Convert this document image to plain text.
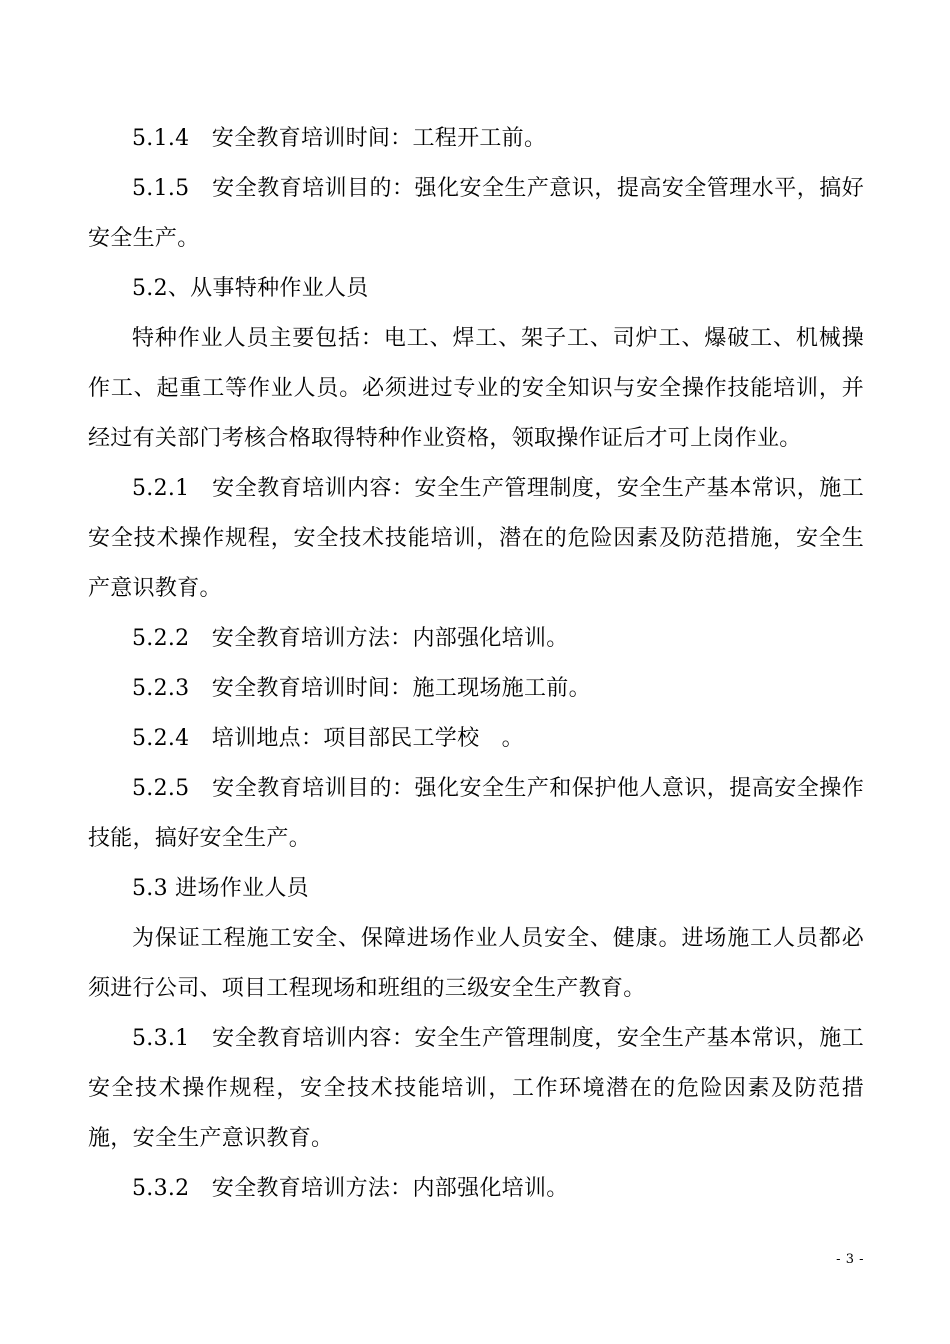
5.1.4　安全教育培训时间：工程开工前。

5.1.5　安全教育培训目的：强化安全生产意识，提高安全管理水平，搞好安全生产。

5.2、从事特种作业人员

特种作业人员主要包括：电工、焊工、架子工、司炉工、爆破工、机械操作工、起重工等作业人员。必须进过专业的安全知识与安全操作技能培训，并经过有关部门考核合格取得特种作业资格，领取操作证后才可上岗作业。

5.2.1　安全教育培训内容：安全生产管理制度，安全生产基本常识，施工安全技术操作规程，安全技术技能培训，潜在的危险因素及防范措施，安全生产意识教育。

5.2.2　安全教育培训方法：内部强化培训。

5.2.3　安全教育培训时间：施工现场施工前。

5.2.4　培训地点：项目部民工学校　。

5.2.5　安全教育培训目的：强化安全生产和保护他人意识，提高安全操作技能，搞好安全生产。

5.3 进场作业人员

为保证工程施工安全、保障进场作业人员安全、健康。进场施工人员都必须进行公司、项目工程现场和班组的三级安全生产教育。

5.3.1　安全教育培训内容：安全生产管理制度，安全生产基本常识，施工安全技术操作规程，安全技术技能培训，工作环境潜在的危险因素及防范措施，安全生产意识教育。

5.3.2　安全教育培训方法：内部强化培训。

- 3 -
